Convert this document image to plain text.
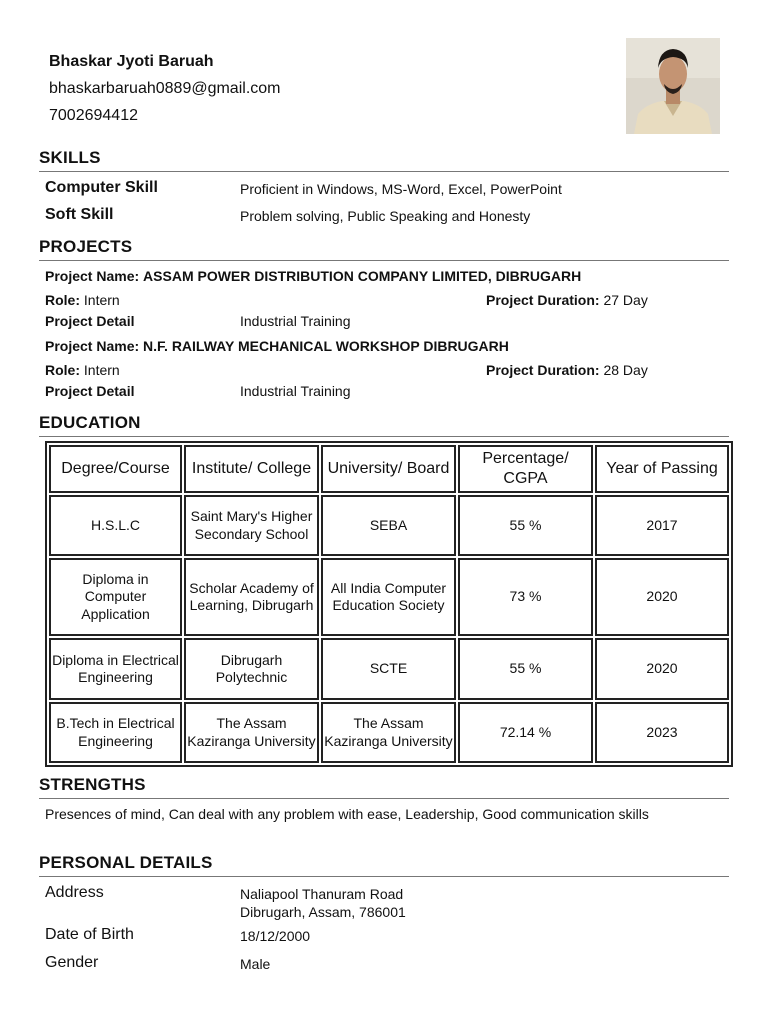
Bhaskar Jyoti Baruah
bhaskarbaruah0889@gmail.com
7002694412
SKILLS
Computer Skill	Proficient in Windows, MS-Word, Excel, PowerPoint
Soft Skill	Problem solving, Public Speaking and Honesty
PROJECTS
Project Name: ASSAM POWER DISTRIBUTION COMPANY LIMITED, DIBRUGARH
Role: Intern	Project Duration: 27 Day
Project Detail	Industrial Training
Project Name: N.F. RAILWAY MECHANICAL WORKSHOP DIBRUGARH
Role: Intern	Project Duration: 28 Day
Project Detail	Industrial Training
EDUCATION
Degree/Course	Institute/ College	University/ Board	Percentage/ CGPA	Year of Passing
H.S.L.C	Saint Mary's Higher Secondary School	SEBA	55 %	2017
Diploma in Computer Application	Scholar Academy of Learning, Dibrugarh	All India Computer Education Society	73 %	2020
Diploma in Electrical Engineering	Dibrugarh Polytechnic	SCTE	55 %	2020
B.Tech in Electrical Engineering	The Assam Kaziranga University	The Assam Kaziranga University	72.14 %	2023
STRENGTHS
Presences of mind, Can deal with any problem with ease, Leadership, Good communication skills
PERSONAL DETAILS
Address	Naliapool Thanuram Road
Dibrugarh, Assam, 786001
Date of Birth	18/12/2000
Gender	Male
